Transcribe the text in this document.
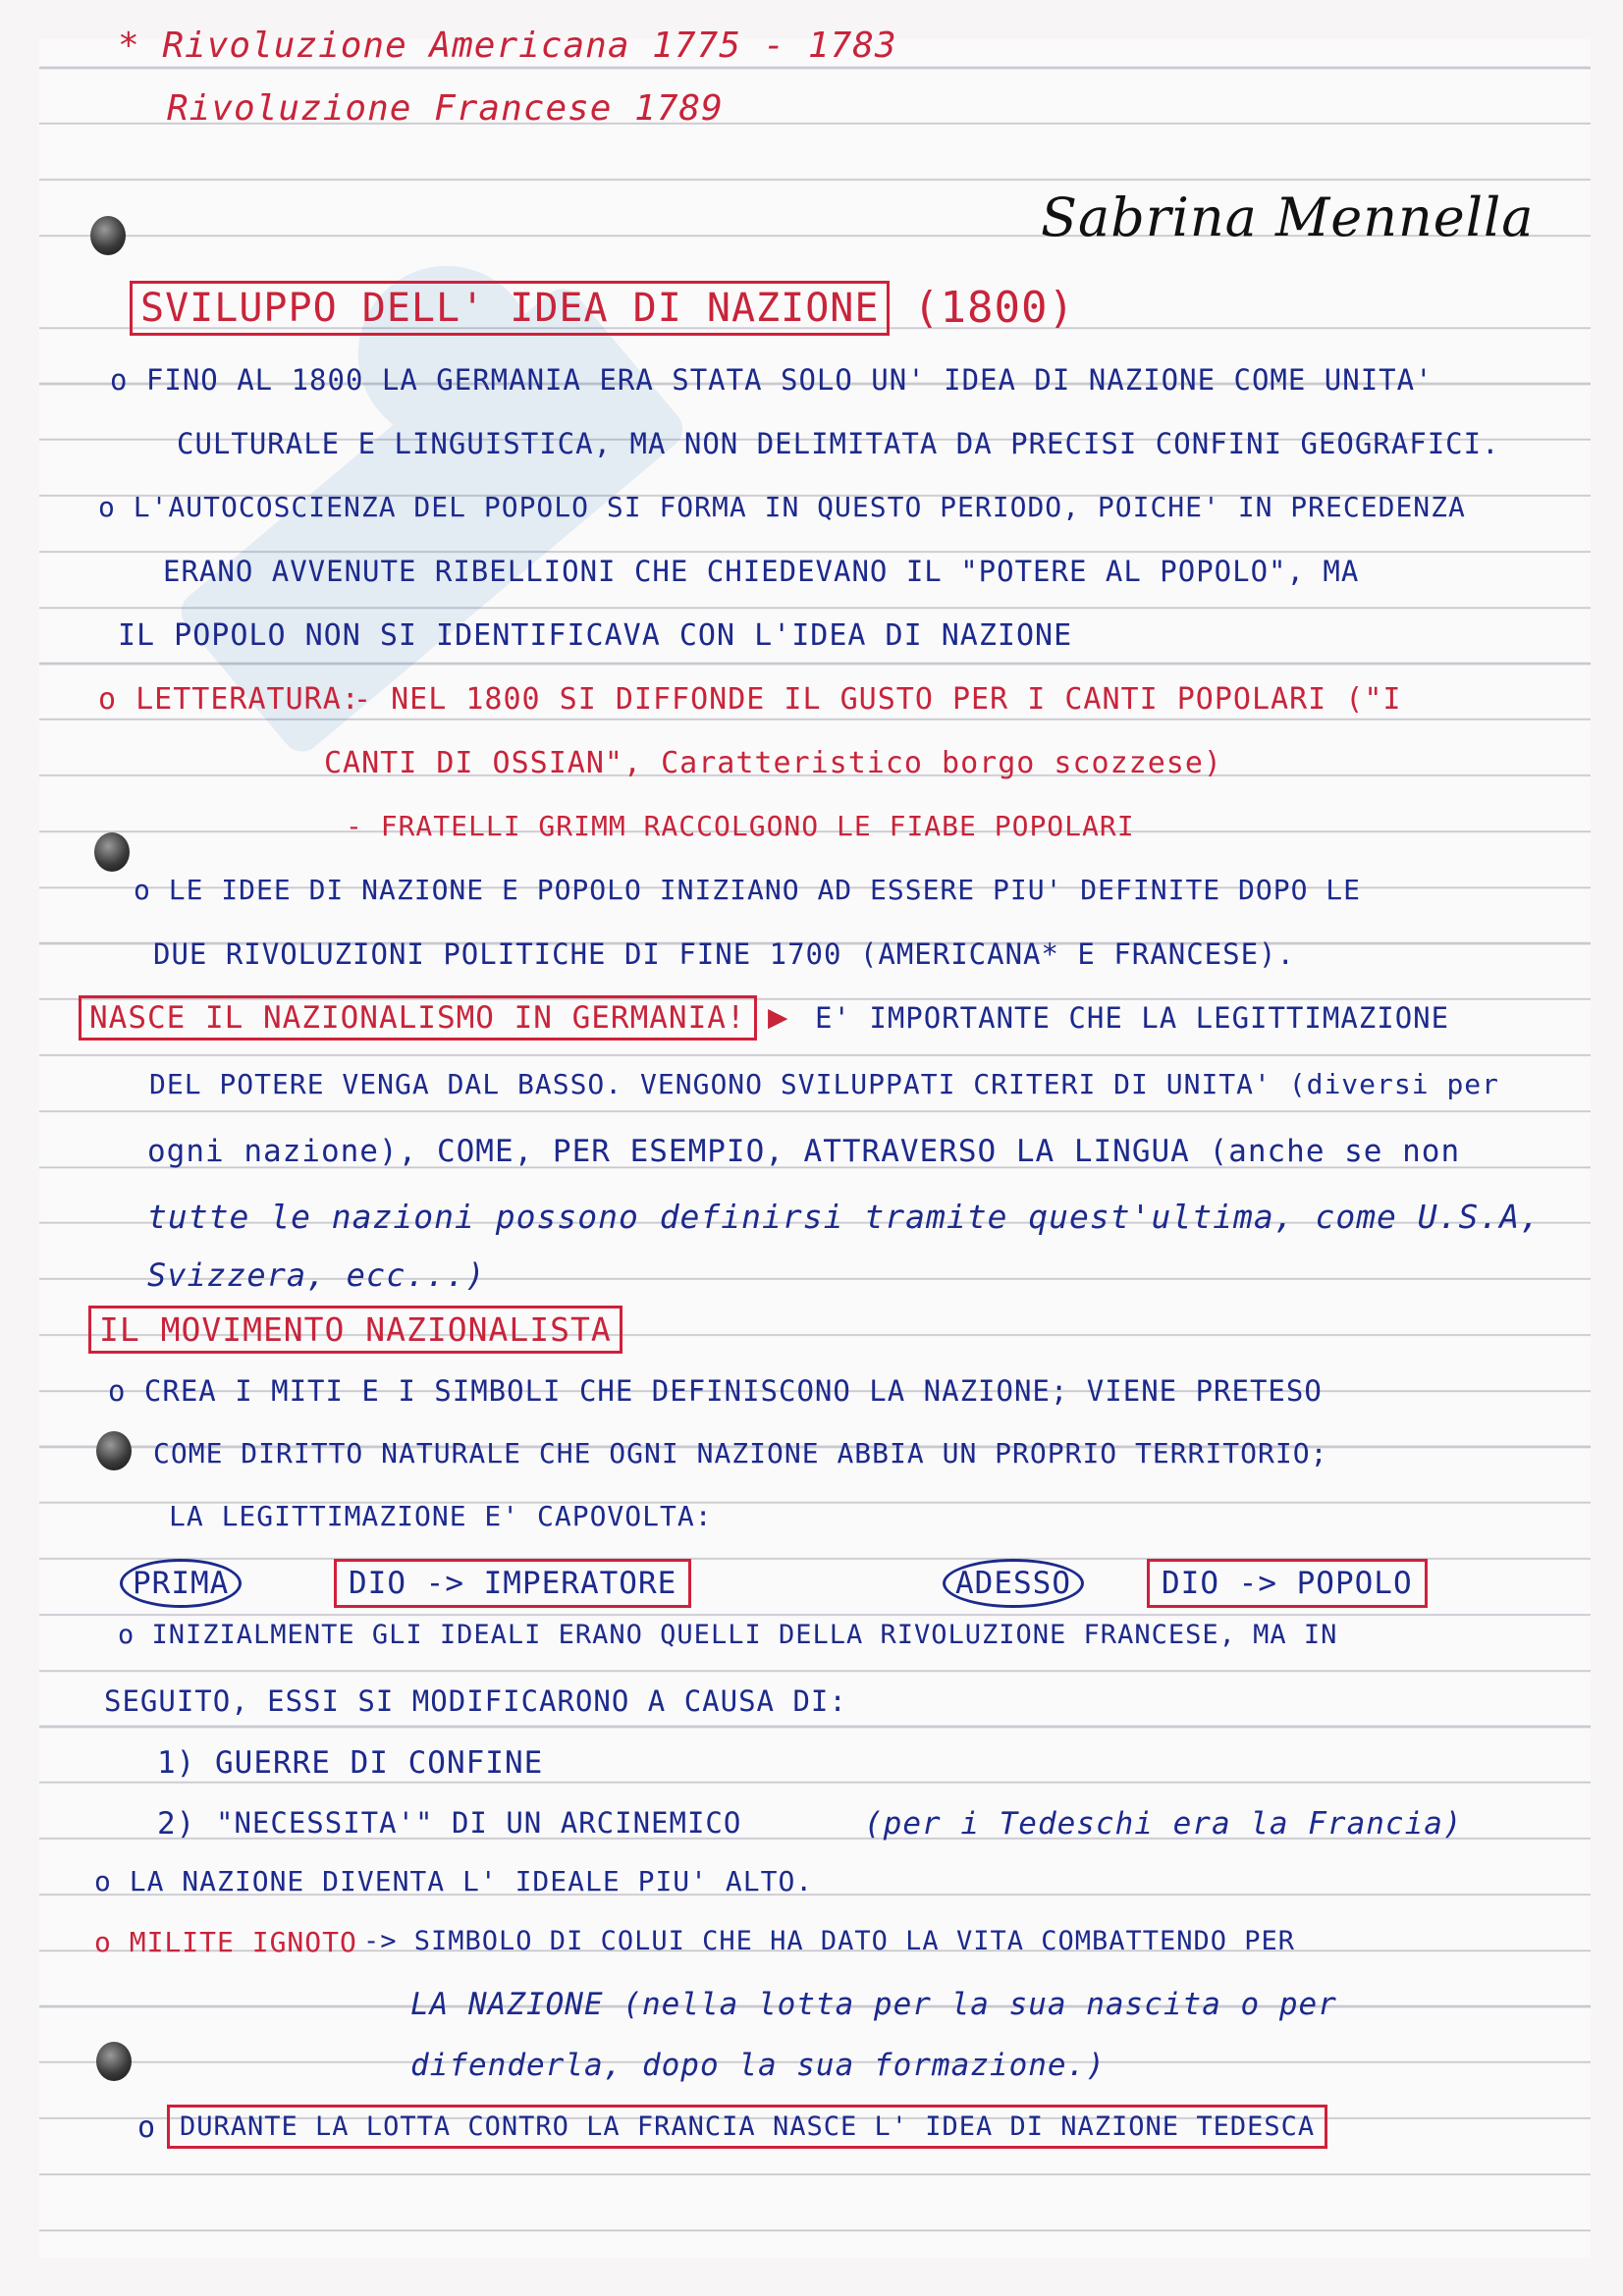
* Rivoluzione Americana 1775 - 1783
Rivoluzione Francese 1789
Sabrina Mennella
SVILUPPO DELL' IDEA DI NAZIONE (1800)
o FINO AL 1800 LA GERMANIA ERA STATA SOLO UN' IDEA DI NAZIONE COME UNITA'
CULTURALE E LINGUISTICA, MA NON DELIMITATA DA PRECISI CONFINI GEOGRAFICI.
o L'AUTOCOSCIENZA DEL POPOLO SI FORMA IN QUESTO PERIODO, POICHE' IN PRECEDENZA
ERANO AVVENUTE RIBELLIONI CHE CHIEDEVANO IL "POTERE AL POPOLO", MA
IL POPOLO NON SI IDENTIFICAVA CON L'IDEA DI NAZIONE
o LETTERATURA:
- NEL 1800 SI DIFFONDE IL GUSTO PER I CANTI POPOLARI ("I
CANTI DI OSSIAN", Caratteristico borgo scozzese)
- FRATELLI GRIMM RACCOLGONO LE FIABE POPOLARI
o LE IDEE DI NAZIONE E POPOLO INIZIANO AD ESSERE PIU' DEFINITE DOPO LE
DUE RIVOLUZIONI POLITICHE DI FINE 1700 (AMERICANA* E FRANCESE).
NASCE IL NAZIONALISMO IN GERMANIA! ▶ E' IMPORTANTE CHE LA LEGITTIMAZIONE
DEL POTERE VENGA DAL BASSO. VENGONO SVILUPPATI CRITERI DI UNITA' (diversi per
ogni nazione), COME, PER ESEMPIO, ATTRAVERSO LA LINGUA (anche se non
tutte le nazioni possono definirsi tramite quest'ultima, come U.S.A,
Svizzera, ecc...)
IL MOVIMENTO NAZIONALISTA
o CREA I MITI E I SIMBOLI CHE DEFINISCONO LA NAZIONE; VIENE PRETESO
COME DIRITTO NATURALE CHE OGNI NAZIONE ABBIA UN PROPRIO TERRITORIO;
LA LEGITTIMAZIONE E' CAPOVOLTA:
PRIMA	DIO -> IMPERATORE	ADESSO	DIO -> POPOLO
o INIZIALMENTE GLI IDEALI ERANO QUELLI DELLA RIVOLUZIONE FRANCESE, MA IN
SEGUITO, ESSI SI MODIFICARONO A CAUSA DI:
1) GUERRE DI CONFINE
2) "NECESSITA'" DI UN ARCINEMICO	(per i Tedeschi era la Francia)
o LA NAZIONE DIVENTA L' IDEALE PIU' ALTO.
o MILITE IGNOTO -> SIMBOLO DI COLUI CHE HA DATO LA VITA COMBATTENDO PER
LA NAZIONE (nella lotta per la sua nascita o per
difenderla, dopo la sua formazione.)
o DURANTE LA LOTTA CONTRO LA FRANCIA NASCE L' IDEA DI NAZIONE TEDESCA
